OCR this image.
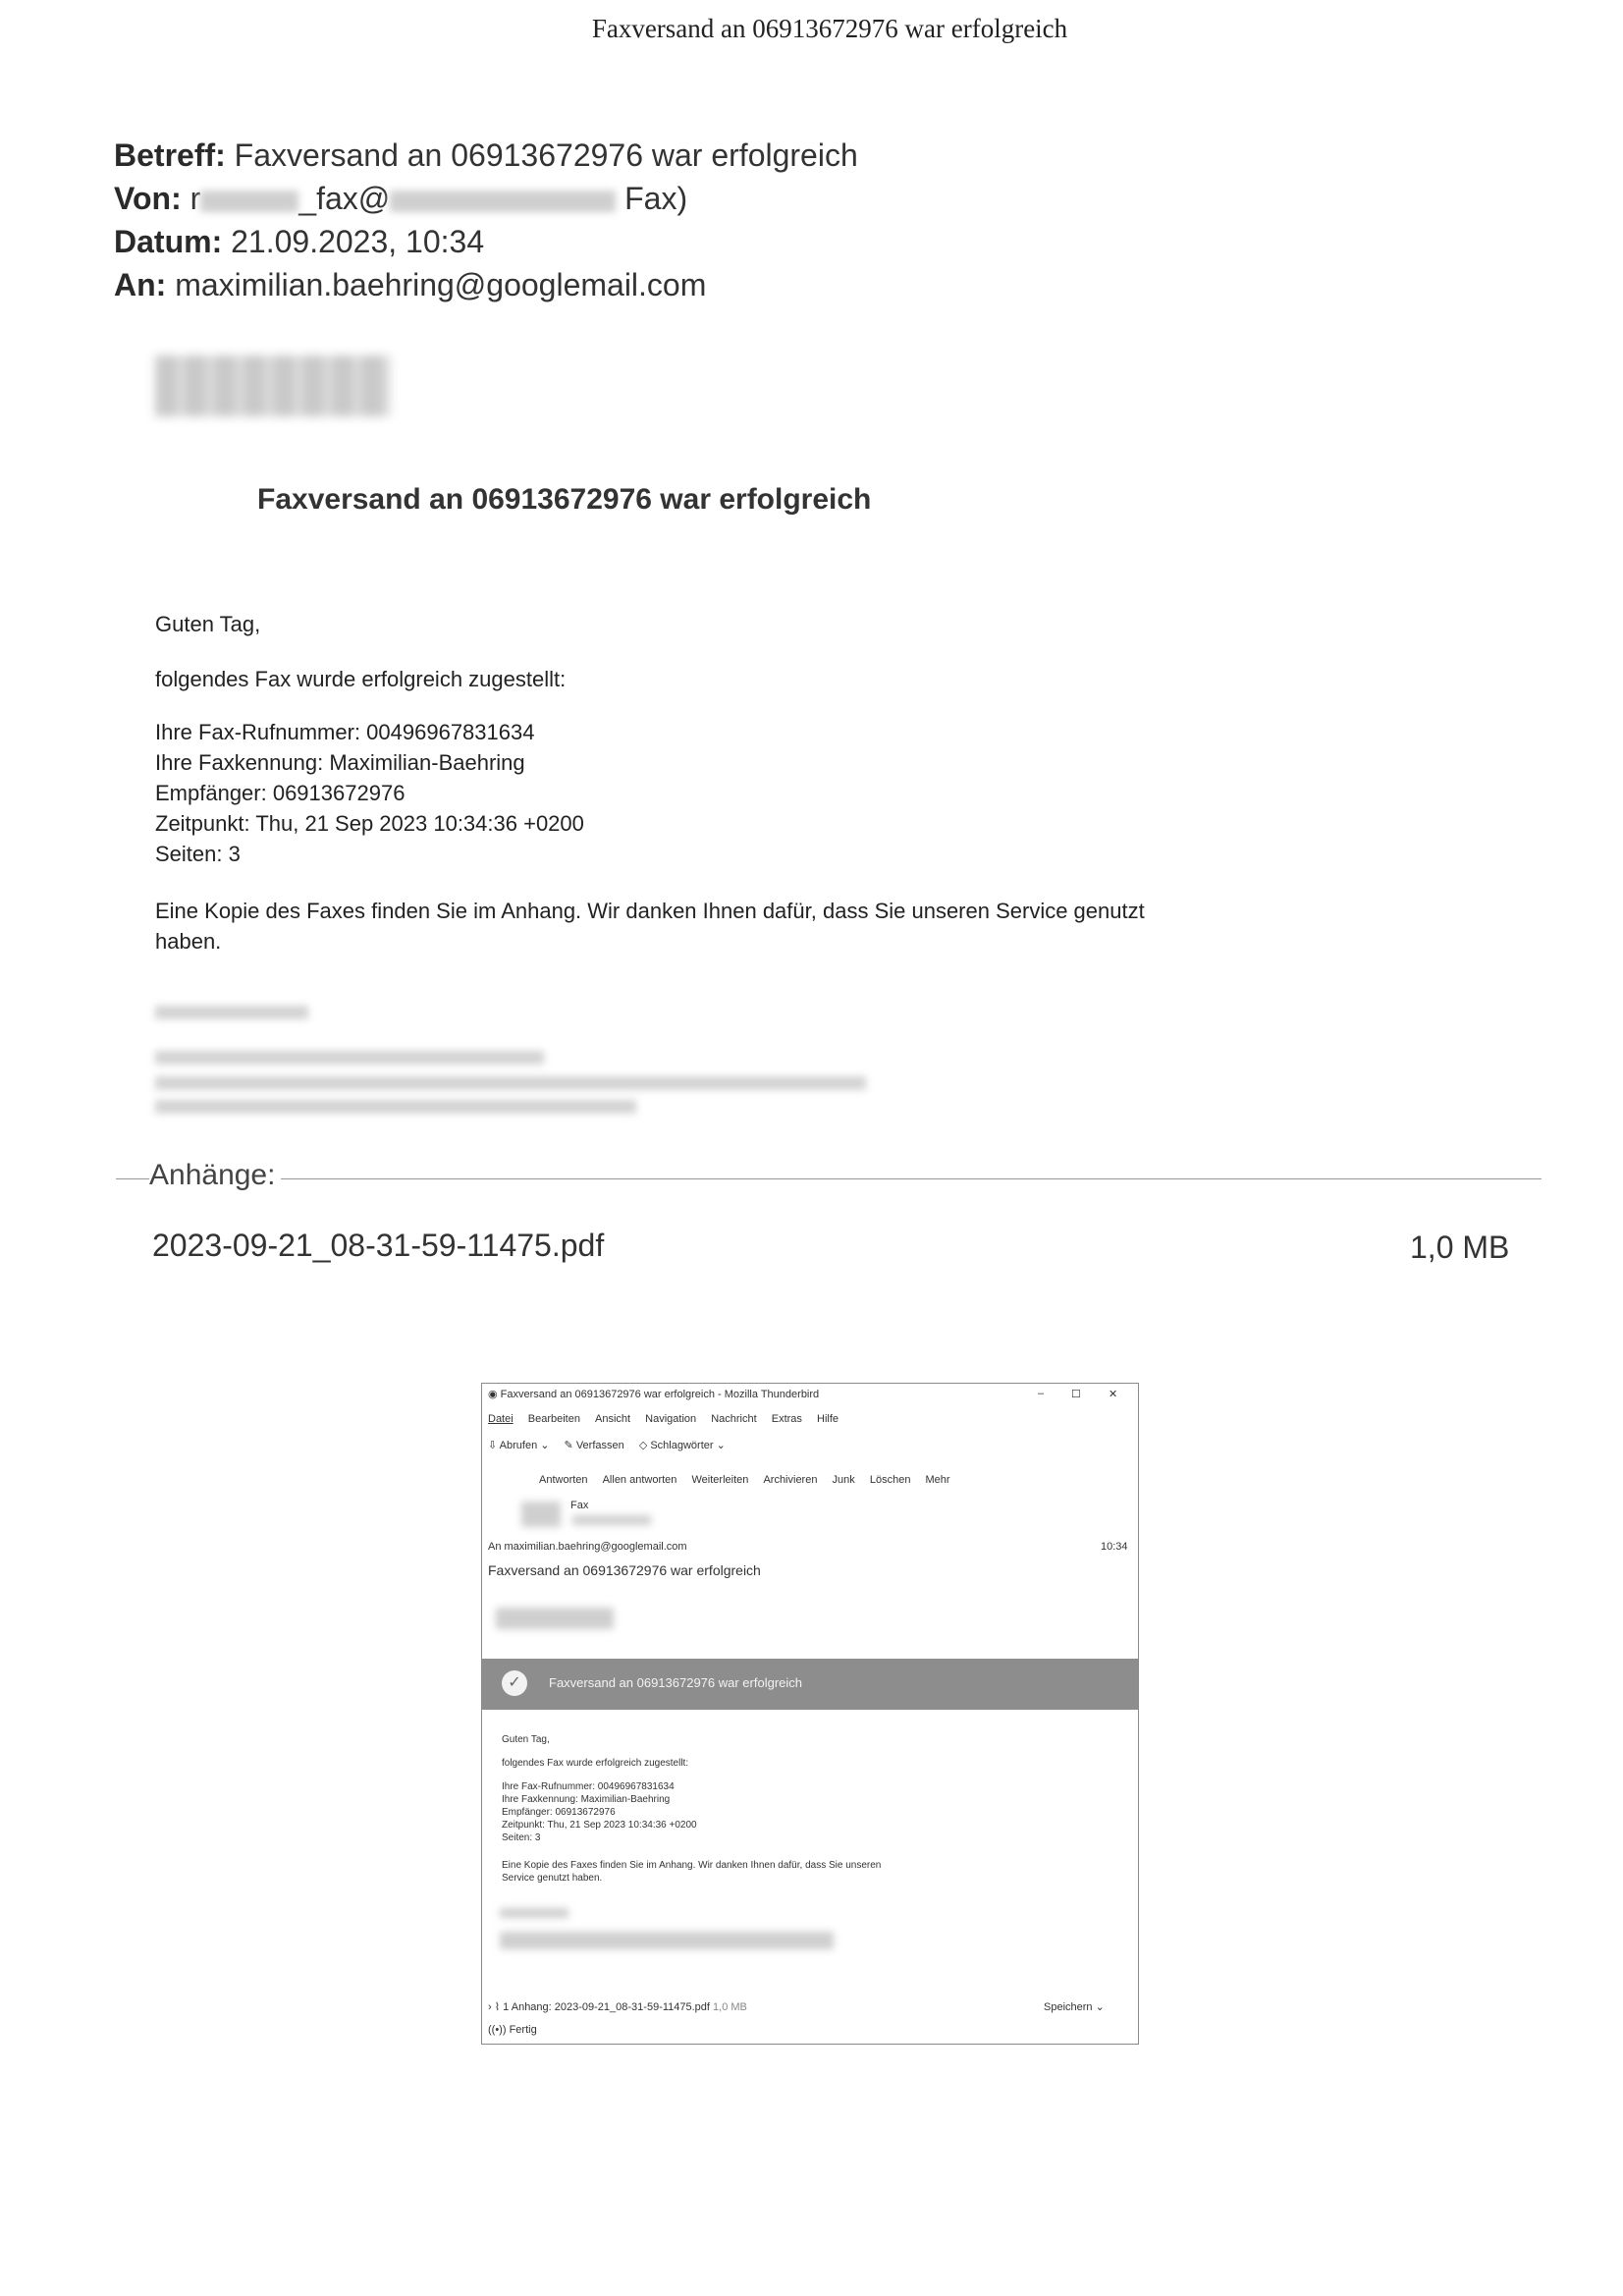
Faxversand an 06913672976 war erfolgreich
Betreff: Faxversand an 06913672976 war erfolgreich
Von: r	_fax@	Fax)
Datum: 21.09.2023, 10:34
An: maximilian.baehring@googlemail.com
Faxversand an 06913672976 war erfolgreich
Guten Tag,
folgendes Fax wurde erfolgreich zugestellt:
Ihre Fax-Rufnummer: 00496967831634
Ihre Faxkennung: Maximilian-Baehring
Empfänger: 06913672976
Zeitpunkt: Thu, 21 Sep 2023 10:34:36 +0200
Seiten: 3
Eine Kopie des Faxes finden Sie im Anhang. Wir danken Ihnen dafür, dass Sie unseren Service genutzt
haben.
Anhänge:
2023-09-21_08-31-59-11475.pdf	1,0 MB
◉ Faxversand an 06913672976 war erfolgreich - Mozilla Thunderbird	–	☐	✕
Datei Bearbeiten Ansicht Navigation Nachricht Extras Hilfe
⇩ Abrufen ⌄ ✎ Verfassen ◇ Schlagwörter ⌄
Antworten Allen antworten Weiterleiten Archivieren Junk Löschen Mehr
Fax
An maximilian.baehring@googlemail.com	10:34
Faxversand an 06913672976 war erfolgreich
✓	Faxversand an 06913672976 war erfolgreich
Guten Tag,
folgendes Fax wurde erfolgreich zugestellt:
Ihre Fax-Rufnummer: 00496967831634
Ihre Faxkennung: Maximilian-Baehring
Empfänger: 06913672976
Zeitpunkt: Thu, 21 Sep 2023 10:34:36 +0200
Seiten: 3
Eine Kopie des Faxes finden Sie im Anhang. Wir danken Ihnen dafür, dass Sie unseren
Service genutzt haben.
› ⌇ 1 Anhang: 2023-09-21_08-31-59-11475.pdf 1,0 MB	Speichern ⌄
((•)) Fertig
